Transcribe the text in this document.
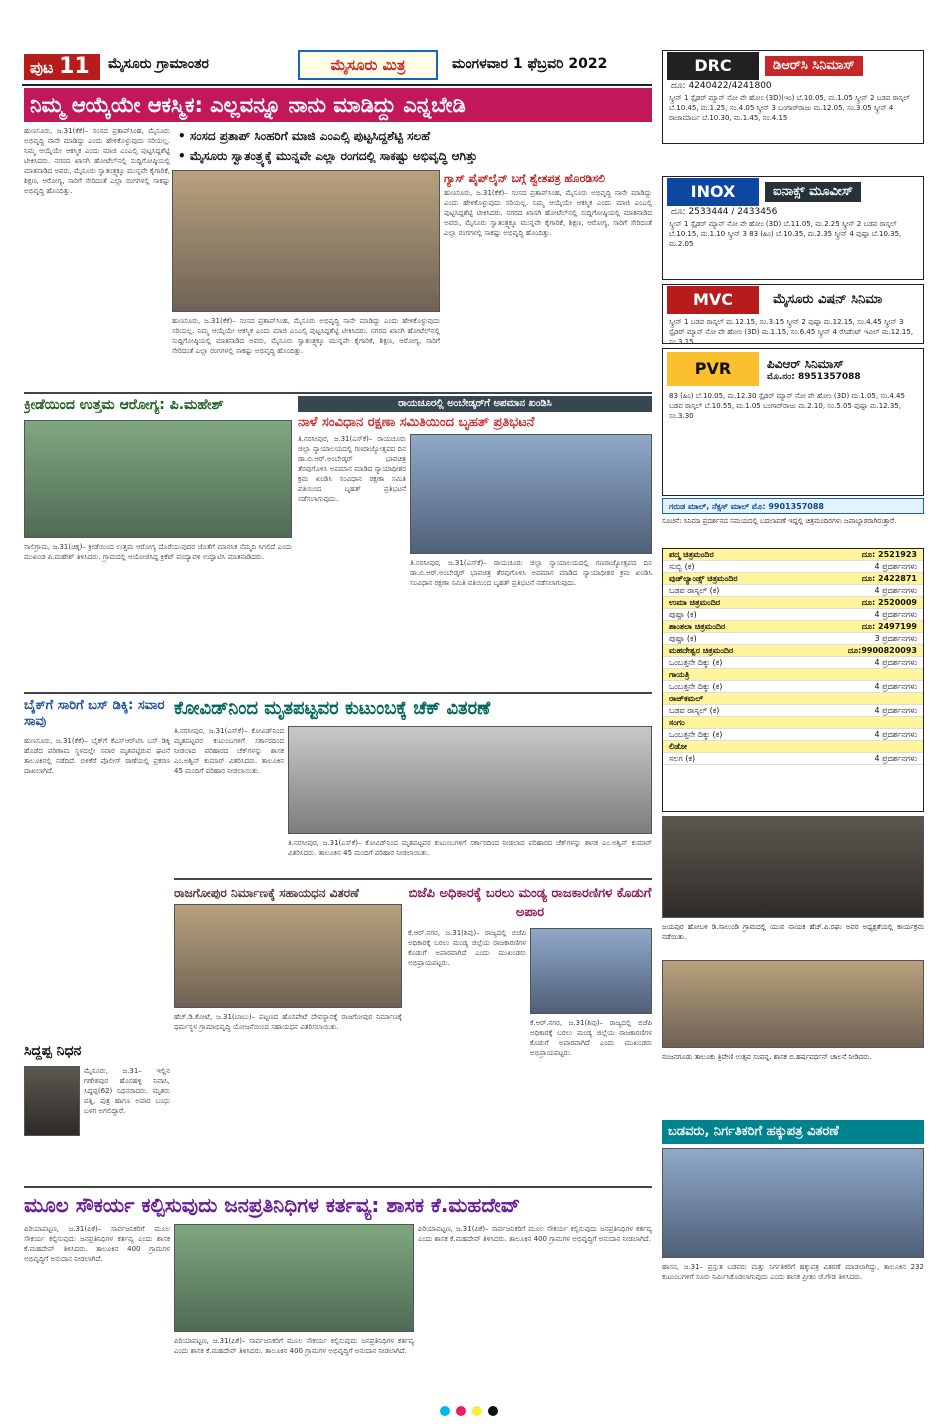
ಪುಟ 11	ಮೈಸೂರು ಗ್ರಾಮಾಂತರ	ಮೈಸೂರು ಮಿತ್ರ	ಮಂಗಳವಾರ 1 ಫೆಬ್ರವರಿ 2022
ನಿಮ್ಮ ಆಯ್ಕೆಯೇ ಆಕಸ್ಮಿಕ: ಎಲ್ಲವನ್ನೂ ನಾನು ಮಾಡಿದ್ದು ಎನ್ನಬೇಡಿ
• ಸಂಸದ ಪ್ರತಾಪ್ ಸಿಂಹರಿಗೆ ಮಾಜಿ ಎಂಎಲ್ಸಿ ಪುಟ್ಟಸಿದ್ದಶೆಟ್ಟಿ ಸಲಹೆ
• ಮೈಸೂರು ಸ್ವಾತಂತ್ರ್ಯಕ್ಕೆ ಮುನ್ನವೇ ಎಲ್ಲಾ ರಂಗದಲ್ಲಿ ಸಾಕಷ್ಟು ಅಭಿವೃದ್ಧಿ ಆಗಿತ್ತು
ಹುಣಸೂರು, ಜ.31(ಕೆಕೆ)– ಸಂಸದ ಪ್ರತಾಪ್‌ಸಿಂಹ, ಮೈಸೂರು ಅಭಿವೃದ್ಧಿ ನಾನೇ ಮಾಡಿದ್ದು ಎಂದು ಹೇಳಿಕೊಳ್ಳುವುದು ಸರಿಯಲ್ಲ. ನಿಮ್ಮ ಆಯ್ಕೆಯೇ ಆಕಸ್ಮಿಕ ಎಂದು ಮಾಜಿ ಎಂಎಲ್ಸಿ ಪುಟ್ಟಸಿದ್ದಶೆಟ್ಟಿ ಟೀಕಿಸಿದರು. ನಗರದ ಖಾಸಗಿ ಹೋಟೆಲ್‌ನಲ್ಲಿ ಸುದ್ದಿಗೋಷ್ಠಿಯಲ್ಲಿ ಮಾತನಾಡಿದ ಅವರು, ಮೈಸೂರು ಸ್ವಾತಂತ್ರ್ಯಕ್ಕೂ ಮುನ್ನವೇ ಕೈಗಾರಿಕೆ, ಶಿಕ್ಷಣ, ಆರೋಗ್ಯ, ಸಾರಿಗೆ ಸೇರಿದಂತೆ ಎಲ್ಲಾ ರಂಗಗಳಲ್ಲಿ ಸಾಕಷ್ಟು ಅಭಿವೃದ್ಧಿ ಹೊಂದಿತ್ತು.
ಹುಣಸೂರು, ಜ.31(ಕೆಕೆ)– ಸಂಸದ ಪ್ರತಾಪ್‌ಸಿಂಹ, ಮೈಸೂರು ಅಭಿವೃದ್ಧಿ ನಾನೇ ಮಾಡಿದ್ದು ಎಂದು ಹೇಳಿಕೊಳ್ಳುವುದು ಸರಿಯಲ್ಲ. ನಿಮ್ಮ ಆಯ್ಕೆಯೇ ಆಕಸ್ಮಿಕ ಎಂದು ಮಾಜಿ ಎಂಎಲ್ಸಿ ಪುಟ್ಟಸಿದ್ದಶೆಟ್ಟಿ ಟೀಕಿಸಿದರು. ನಗರದ ಖಾಸಗಿ ಹೋಟೆಲ್‌ನಲ್ಲಿ ಸುದ್ದಿಗೋಷ್ಠಿಯಲ್ಲಿ ಮಾತನಾಡಿದ ಅವರು, ಮೈಸೂರು ಸ್ವಾತಂತ್ರ್ಯಕ್ಕೂ ಮುನ್ನವೇ ಕೈಗಾರಿಕೆ, ಶಿಕ್ಷಣ, ಆರೋಗ್ಯ, ಸಾರಿಗೆ ಸೇರಿದಂತೆ ಎಲ್ಲಾ ರಂಗಗಳಲ್ಲಿ ಸಾಕಷ್ಟು ಅಭಿವೃದ್ಧಿ ಹೊಂದಿತ್ತು.
ಗ್ಯಾಸ್ ಪೈಪ್‌ಲೈನ್ ಬಗ್ಗೆ ಶ್ವೇತಪತ್ರ ಹೊರಡಿಸಲಿ
ಹುಣಸೂರು, ಜ.31(ಕೆಕೆ)– ಸಂಸದ ಪ್ರತಾಪ್‌ಸಿಂಹ, ಮೈಸೂರು ಅಭಿವೃದ್ಧಿ ನಾನೇ ಮಾಡಿದ್ದು ಎಂದು ಹೇಳಿಕೊಳ್ಳುವುದು ಸರಿಯಲ್ಲ. ನಿಮ್ಮ ಆಯ್ಕೆಯೇ ಆಕಸ್ಮಿಕ ಎಂದು ಮಾಜಿ ಎಂಎಲ್ಸಿ ಪುಟ್ಟಸಿದ್ದಶೆಟ್ಟಿ ಟೀಕಿಸಿದರು. ನಗರದ ಖಾಸಗಿ ಹೋಟೆಲ್‌ನಲ್ಲಿ ಸುದ್ದಿಗೋಷ್ಠಿಯಲ್ಲಿ ಮಾತನಾಡಿದ ಅವರು, ಮೈಸೂರು ಸ್ವಾತಂತ್ರ್ಯಕ್ಕೂ ಮುನ್ನವೇ ಕೈಗಾರಿಕೆ, ಶಿಕ್ಷಣ, ಆರೋಗ್ಯ, ಸಾರಿಗೆ ಸೇರಿದಂತೆ ಎಲ್ಲಾ ರಂಗಗಳಲ್ಲಿ ಸಾಕಷ್ಟು ಅಭಿವೃದ್ಧಿ ಹೊಂದಿತ್ತು.
ಕ್ರೀಡೆಯಿಂದ ಉತ್ತಮ ಆರೋಗ್ಯ: ಪಿ.ಮಹೇಶ್
ಸಾಲಿಗ್ರಾಮ, ಜ.31(ಚಿಕ್ಕ)– ಕ್ರೀಡೆಯಿಂದ ಉತ್ತಮ ಆರೋಗ್ಯ ದೊರೆಯುವುದರ ಜೊತೆಗೆ ಮಾನಸಿಕ ನೆಮ್ಮದಿ ಸಿಗಲಿದೆ ಎಂದು ಮುಖಂಡ ಪಿ.ಮಹೇಶ್ ತಿಳಿಸಿದರು. ಗ್ರಾಮದಲ್ಲಿ ಆಯೋಜಿಸಿದ್ದ ಕ್ರಿಕೆಟ್ ಪಂದ್ಯಾವಳಿ ಉದ್ಘಾಟಿಸಿ ಮಾತನಾಡಿದರು.
ರಾಯಚೂರಲ್ಲಿ ಅಂಬೇಡ್ಕರ್‌ಗೆ ಅಪಮಾನ ಖಂಡಿಸಿ
ನಾಳೆ ಸಂವಿಧಾನ ರಕ್ಷಣಾ ಸಮಿತಿಯಿಂದ ಬೃಹತ್ ಪ್ರತಿಭಟನೆ
ತಿ.ನರಸೀಪುರ, ಜ.31(ಎಸ್‌ಕೆ)– ರಾಯಚೂರು ಜಿಲ್ಲಾ ನ್ಯಾಯಾಲಯದಲ್ಲಿ ಗಣರಾಜ್ಯೋತ್ಸವದ ದಿನ ಡಾ.ಬಿ.ಆರ್.ಅಂಬೇಡ್ಕರ್ ಭಾವಚಿತ್ರ ತೆರವುಗೊಳಿಸಿ ಅಪಮಾನ ಮಾಡಿದ ನ್ಯಾಯಾಧೀಶರ ಕ್ರಮ ಖಂಡಿಸಿ ಸಂವಿಧಾನ ರಕ್ಷಣಾ ಸಮಿತಿ ವತಿಯಿಂದ ಬೃಹತ್ ಪ್ರತಿಭಟನೆ ನಡೆಸಲಾಗುವುದು.
ತಿ.ನರಸೀಪುರ, ಜ.31(ಎಸ್‌ಕೆ)– ರಾಯಚೂರು ಜಿಲ್ಲಾ ನ್ಯಾಯಾಲಯದಲ್ಲಿ ಗಣರಾಜ್ಯೋತ್ಸವದ ದಿನ ಡಾ.ಬಿ.ಆರ್.ಅಂಬೇಡ್ಕರ್ ಭಾವಚಿತ್ರ ತೆರವುಗೊಳಿಸಿ ಅಪಮಾನ ಮಾಡಿದ ನ್ಯಾಯಾಧೀಶರ ಕ್ರಮ ಖಂಡಿಸಿ ಸಂವಿಧಾನ ರಕ್ಷಣಾ ಸಮಿತಿ ವತಿಯಿಂದ ಬೃಹತ್ ಪ್ರತಿಭಟನೆ ನಡೆಸಲಾಗುವುದು.
ಬೈಕ್‌ಗೆ ಸಾರಿಗೆ ಬಸ್ ಡಿಕ್ಕಿ: ಸವಾರ ಸಾವು
ಹುಣಸೂರು, ಜ.31(ಕೆಕೆ)– ಬೈಕ್‌ಗೆ ಕೆಎಸ್‌ಆರ್‌ಟಿಸಿ ಬಸ್ ಡಿಕ್ಕಿ ಹೊಡೆದ ಪರಿಣಾಮ ಸ್ಥಳದಲ್ಲೇ ಸವಾರ ಮೃತಪಟ್ಟಿರುವ ಘಟನೆ ತಾಲೂಕಿನಲ್ಲಿ ನಡೆದಿದೆ. ಬಿಳಿಕೆರೆ ಪೊಲೀಸ್ ಠಾಣೆಯಲ್ಲಿ ಪ್ರಕರಣ ದಾಖಲಾಗಿದೆ.
ಸಿದ್ದಪ್ಪ ನಿಧನ
ಮೈಸೂರು, ಜ.31– ಇಲ್ಲಿನ ಗಣೇಶಪುರ ಹೊಸಹಳ್ಳಿ ನಿವಾಸಿ, ಸಿದ್ದಪ್ಪ(62) ನಿಧನರಾದರು. ಮೃತರು ಪತ್ನಿ, ಪುತ್ರ ಹಾಗೂ ಅಪಾರ ಬಂಧು ಬಳಗ ಅಗಲಿದ್ದಾರೆ.
ಕೋವಿಡ್‌ನಿಂದ ಮೃತಪಟ್ಟವರ ಕುಟುಂಬಕ್ಕೆ ಚೆಕ್ ವಿತರಣೆ
ತಿ.ನರಸೀಪುರ, ಜ.31(ಎಸ್‌ಕೆ)– ಕೋವಿಡ್‌ನಿಂದ ಮೃತಪಟ್ಟವರ ಕುಟುಂಬಗಳಿಗೆ ಸರ್ಕಾರದಿಂದ ನೀಡಲಾದ ಪರಿಹಾರದ ಚೆಕ್‌ಗಳನ್ನು ಶಾಸಕ ಎಂ.ಅಶ್ವಿನ್ ಕುಮಾರ್ ವಿತರಿಸಿದರು. ತಾಲೂಕಿನ 45 ಮಂದಿಗೆ ಪರಿಹಾರ ನೀಡಲಾಯಿತು.
ತಿ.ನರಸೀಪುರ, ಜ.31(ಎಸ್‌ಕೆ)– ಕೋವಿಡ್‌ನಿಂದ ಮೃತಪಟ್ಟವರ ಕುಟುಂಬಗಳಿಗೆ ಸರ್ಕಾರದಿಂದ ನೀಡಲಾದ ಪರಿಹಾರದ ಚೆಕ್‌ಗಳನ್ನು ಶಾಸಕ ಎಂ.ಅಶ್ವಿನ್ ಕುಮಾರ್ ವಿತರಿಸಿದರು. ತಾಲೂಕಿನ 45 ಮಂದಿಗೆ ಪರಿಹಾರ ನೀಡಲಾಯಿತು.
ರಾಜಗೋಪುರ ನಿರ್ಮಾಣಕ್ಕೆ ಸಹಾಯಧನ ವಿತರಣೆ
ಹೆಚ್.ಡಿ.ಕೋಟೆ, ಜ.31(ಬಾಬು)– ಪಟ್ಟಣದ ಹೊಸಪೇಟೆ ದೇವಸ್ಥಾನಕ್ಕೆ ರಾಜಗೋಪುರ ನಿರ್ಮಾಣಕ್ಕೆ ಧರ್ಮಸ್ಥಳ ಗ್ರಾಮಾಭಿವೃದ್ಧಿ ಯೋಜನೆಯಿಂದ ಸಹಾಯಧನ ವಿತರಿಸಲಾಯಿತು.
ಬಿಜೆಪಿ ಅಧಿಕಾರಕ್ಕೆ ಬರಲು ಮಂಡ್ಯ ರಾಜಕಾರಣಿಗಳ ಕೊಡುಗೆ ಅಪಾರ
ಕೆ.ಆರ್.ನಗರ, ಜ.31(ಶಿವು)– ರಾಜ್ಯದಲ್ಲಿ ಬಿಜೆಪಿ ಅಧಿಕಾರಕ್ಕೆ ಬರಲು ಮಂಡ್ಯ ಜಿಲ್ಲೆಯ ರಾಜಕಾರಣಿಗಳ ಕೊಡುಗೆ ಅಪಾರವಾಗಿದೆ ಎಂದು ಮುಖಂಡರು ಅಭಿಪ್ರಾಯಪಟ್ಟರು.
ಕೆ.ಆರ್.ನಗರ, ಜ.31(ಶಿವು)– ರಾಜ್ಯದಲ್ಲಿ ಬಿಜೆಪಿ ಅಧಿಕಾರಕ್ಕೆ ಬರಲು ಮಂಡ್ಯ ಜಿಲ್ಲೆಯ ರಾಜಕಾರಣಿಗಳ ಕೊಡುಗೆ ಅಪಾರವಾಗಿದೆ ಎಂದು ಮುಖಂಡರು ಅಭಿಪ್ರಾಯಪಟ್ಟರು.
ಮೂಲ ಸೌಕರ್ಯ ಕಲ್ಪಿಸುವುದು ಜನಪ್ರತಿನಿಧಿಗಳ ಕರ್ತವ್ಯ: ಶಾಸಕ ಕೆ.ಮಹದೇವ್
ಪಿರಿಯಾಪಟ್ಟಣ, ಜ.31(ಪಿಕೆ)– ಸಾರ್ವಜನಿಕರಿಗೆ ಮೂಲ ಸೌಕರ್ಯ ಕಲ್ಪಿಸುವುದು ಜನಪ್ರತಿನಿಧಿಗಳ ಕರ್ತವ್ಯ ಎಂದು ಶಾಸಕ ಕೆ.ಮಹದೇವ್ ತಿಳಿಸಿದರು. ತಾಲೂಕಿನ 400 ಗ್ರಾಮಗಳ ಅಭಿವೃದ್ಧಿಗೆ ಅನುದಾನ ನೀಡಲಾಗಿದೆ.
ಪಿರಿಯಾಪಟ್ಟಣ, ಜ.31(ಪಿಕೆ)– ಸಾರ್ವಜನಿಕರಿಗೆ ಮೂಲ ಸೌಕರ್ಯ ಕಲ್ಪಿಸುವುದು ಜನಪ್ರತಿನಿಧಿಗಳ ಕರ್ತವ್ಯ ಎಂದು ಶಾಸಕ ಕೆ.ಮಹದೇವ್ ತಿಳಿಸಿದರು. ತಾಲೂಕಿನ 400 ಗ್ರಾಮಗಳ ಅಭಿವೃದ್ಧಿಗೆ ಅನುದಾನ ನೀಡಲಾಗಿದೆ.
ಪಿರಿಯಾಪಟ್ಟಣ, ಜ.31(ಪಿಕೆ)– ಸಾರ್ವಜನಿಕರಿಗೆ ಮೂಲ ಸೌಕರ್ಯ ಕಲ್ಪಿಸುವುದು ಜನಪ್ರತಿನಿಧಿಗಳ ಕರ್ತವ್ಯ ಎಂದು ಶಾಸಕ ಕೆ.ಮಹದೇವ್ ತಿಳಿಸಿದರು. ತಾಲೂಕಿನ 400 ಗ್ರಾಮಗಳ ಅಭಿವೃದ್ಧಿಗೆ ಅನುದಾನ ನೀಡಲಾಗಿದೆ.
DRC	ಡಿಆರ್‌ಸಿ ಸಿನಿಮಾಸ್
ದೂ: 4240422/4241800
ಸ್ಕ್ರೀನ್ 1 ಸ್ಪೈಡರ್ ಮ್ಯಾನ್ ನೋ ವೇ ಹೋಂ (3D)(ಇಂ) ಬೆ.10.05, ಮ.1.05 ಸ್ಕ್ರೀನ್ 2 ಬಡವ ರಾಸ್ಕಲ್ ಬೆ.10.45, ಮ.1.25, ಸಂ.4.05 ಸ್ಕ್ರೀನ್ 3 ಬಂಗಾರ್‌ರಾಜು ಮ.12.05, ಸಂ.3.05 ಸ್ಕ್ರೀನ್ 4 ರಾಜಾಮಾರ್ಬ ಬೆ.10.30, ಮ.1.45, ಸಂ.4.15
INOX	ಐನಾಕ್ಸ್ ಮೂವೀಸ್
ದೂ: 2533444 / 2433456
ಸ್ಕ್ರೀನ್ 1 ಸ್ಪೈಡರ್ ಮ್ಯಾನ್ ನೋ ವೇ ಹೋಂ (3D) ಬೆ.11.05, ಮ.2.25 ಸ್ಕ್ರೀನ್ 2 ಬಡವ ರಾಸ್ಕಲ್ ಬೆ.10.15, ಮ.1.10 ಸ್ಕ್ರೀನ್ 3 83 (ಹಿಂ) ಬೆ.10.35, ಮ.2.35 ಸ್ಕ್ರೀನ್ 4 ಪುಷ್ಪಾ ಬೆ.10.35, ಮ.2.05
MVC	ಮೈಸೂರು ವಿಷನ್ ಸಿನಿಮಾ
ಸ್ಕ್ರೀನ್ 1 ಬಡವ ರಾಸ್ಕಲ್ ಮ.12.15, ಸಂ.3.15 ಸ್ಕ್ರೀನ್ 2 ಪುಷ್ಪಾ ಮ.12.15, ಸಂ.4.45 ಸ್ಕ್ರೀನ್ 3 ಸ್ಪೈಡರ್ ಮ್ಯಾನ್ ನೋ ವೇ ಹೋಂ (3D) ಮ.1.15, ಸಂ.6.45 ಸ್ಕ್ರೀನ್ 4 ರೆಸಿಡೆಂಟ್ ಇವಿಲ್ ಮ.12.15, ಸಂ.3.15
PVR	ಪಿವಿಆರ್ ಸಿನಿಮಾಸ್
ಮೊ.ನಂ: 8951357088
83 (ಹಿಂ) ಬೆ.10.05, ಮ.12.30 ಸ್ಪೈಡರ್ ಮ್ಯಾನ್ ನೋ ವೇ ಹೋಂ (3D) ಮ.1.05, ಸಂ.4.45 ಬಡವ ರಾಸ್ಕಲ್ ಬೆ.10.55, ಮ.1.05 ಬಂಗಾರ್‌ರಾಜು ಮ.2.10, ಸಂ.5.05 ಪುಷ್ಪಾ ಮ.12.35, ಸಂ.3.30
ಗರುಡ ಮಾಲ್, ನೆಕ್ಸಸ್ ಮಾಲ್ ಮೊ: 9901357088
ಸೂಚನೆ: ಸಿನಿಮಾ ಪ್ರದರ್ಶನದ ಸಮಯದಲ್ಲಿ ಬದಲಾವಣೆ ಇದ್ದಲ್ಲಿ ಚಿತ್ರಮಂದಿರಗಳು ಜವಾಬ್ದಾರರಾಗಿರುತ್ತಾರೆ.
ಪದ್ಮ ಚಿತ್ರಮಂದಿರ	ದೂ: 2521923
ಸುಬ್ಬಿ (ಕ)	4 ಪ್ರದರ್ಶನಗಳು
ವುಡ್‌ಲ್ಯಾಂಡ್ಸ್ ಚಿತ್ರಮಂದಿರ	ದೂ: 2422871
ಬಡವ ರಾಸ್ಕಲ್ (ಕ)	4 ಪ್ರದರ್ಶನಗಳು
ಉಮಾ ಚಿತ್ರಮಂದಿರ	ದೂ: 2520009
ಪುಷ್ಪಾ (ಕ)	4 ಪ್ರದರ್ಶನಗಳು
ಶಾಂತಲಾ ಚಿತ್ರಮಂದಿರ	ದೂ: 2497199
ಪುಷ್ಪಾ (ಕ)	3 ಪ್ರದರ್ಶನಗಳು
ಮಹದೇಶ್ವರ ಚಿತ್ರಮಂದಿರ	ದೂ:9900820093
ಒಂಬತ್ತನೇ ದಿಕ್ಕು (ಕ)	4 ಪ್ರದರ್ಶನಗಳು
ಗಾಯತ್ರಿ
ಒಂಬತ್ತನೇ ದಿಕ್ಕು (ಕ)	4 ಪ್ರದರ್ಶನಗಳು
ರಾಜ್‌ಕಮಲ್
ಬಡವ ರಾಸ್ಕಲ್ (ಕ)	4 ಪ್ರದರ್ಶನಗಳು
ಸಂಗಂ
ಒಂಬತ್ತನೇ ದಿಕ್ಕು (ಕ)	4 ಪ್ರದರ್ಶನಗಳು
ಲಿಡೋ
ಸಲಗ (ಕ)	4 ಪ್ರದರ್ಶನಗಳು
ಜಯಪುರ ಹೋಬಳಿ ಡಿ.ಸಾಲುಂಡಿ ಗ್ರಾಮದಲ್ಲಿ ಯುವ ನಾಯಕ ಹೆಚ್.ಪಿ.ರಘು ಅವರ ಅಧ್ಯಕ್ಷತೆಯಲ್ಲಿ ಕಾರ್ಯಕ್ರಮ ನಡೆಯಿತು.
ನಂಜನಗೂಡು ತಾಲೂಕು ತ್ರಿವೇಣಿ ಉತ್ಸವ ಸಂಪನ್ನ. ಶಾಸಕ ಬಿ.ಹರ್ಷವರ್ಧನ್ ಚಾಲನೆ ನೀಡಿದರು.
ಬಡವರು, ನಿರ್ಗತಿಕರಿಗೆ ಹಕ್ಕುಪತ್ರ ವಿತರಣೆ
ಹಾಸನ, ಜ.31– ಪ್ರಸ್ತುತ ಬಡವರು ಮತ್ತು ನಿರ್ಗತಿಕರಿಗೆ ಹಕ್ಕುಪತ್ರ ವಿತರಣೆ ಮಾಡಲಾಗಿದ್ದು, ತಾಲೂಕಿನ 232 ಕುಟುಂಬಗಳಿಗೆ ಸೂರು ನಿರ್ಮಿಸಿಕೊಡಲಾಗುವುದು ಎಂದು ಶಾಸಕ ಪ್ರೀತಂ ಜೆ.ಗೌಡ ತಿಳಿಸಿದರು.
